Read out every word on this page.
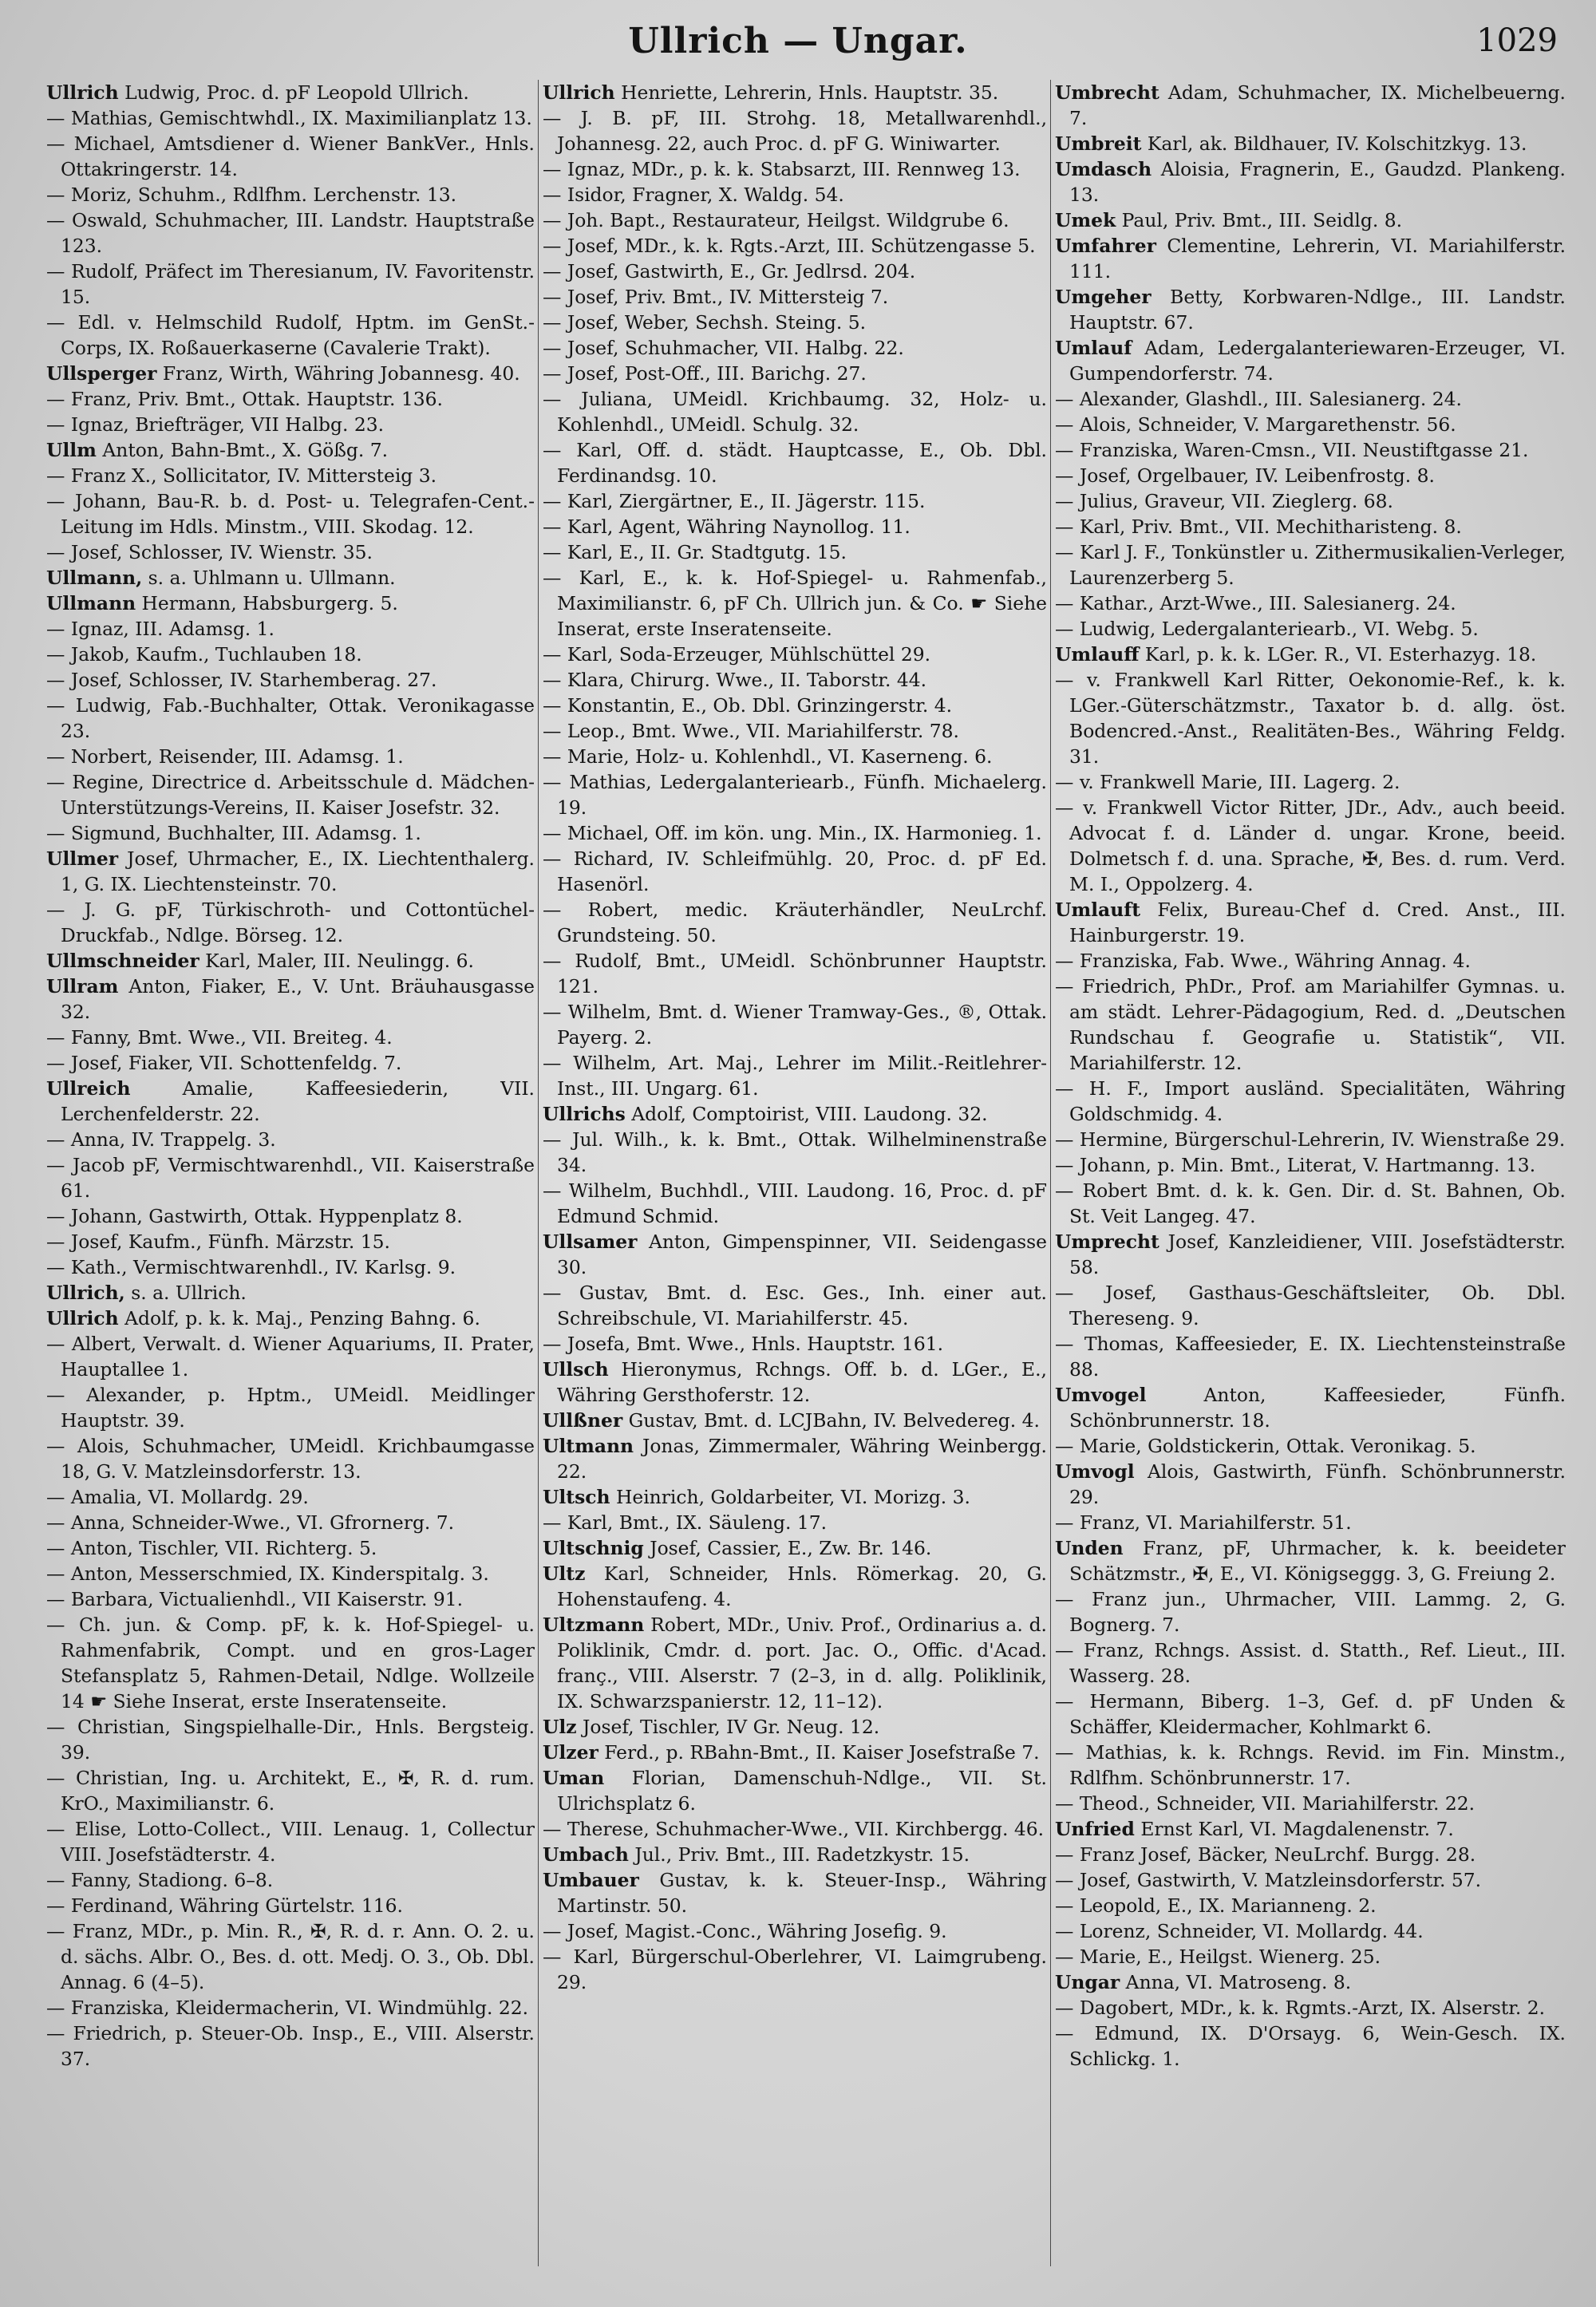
Ullrich — Ungar.	1029

Ullrich Ludwig, Proc. d. pF Leopold Ullrich.

— Mathias, Gemischtwhdl., IX. Maximilianplatz 13.

— Michael, Amtsdiener d. Wiener BankVer., Hnls. Ottakringerstr. 14.

— Moriz, Schuhm., Rdlfhm. Lerchenstr. 13.

— Oswald, Schuhmacher, III. Landstr. Hauptstraße 123.

— Rudolf, Präfect im Theresianum, IV. Favoritenstr. 15.

— Edl. v. Helmschild Rudolf, Hptm. im GenSt.-Corps, IX. Roßauerkaserne (Cavalerie Trakt).

Ullsperger Franz, Wirth, Währing Jobannesg. 40.

— Franz, Priv. Bmt., Ottak. Hauptstr. 136.

— Ignaz, Briefträger, VII Halbg. 23.

Ullm Anton, Bahn-Bmt., X. Gößg. 7.

— Franz X., Sollicitator, IV. Mittersteig 3.

— Johann, Bau-R. b. d. Post- u. Telegrafen-Cent.-Leitung im Hdls. Minstm., VIII. Skodag. 12.

— Josef, Schlosser, IV. Wienstr. 35.

Ullmann, s. a. Uhlmann u. Ullmann.

Ullmann Hermann, Habsburgerg. 5.

— Ignaz, III. Adamsg. 1.

— Jakob, Kaufm., Tuchlauben 18.

— Josef, Schlosser, IV. Starhemberag. 27.

— Ludwig, Fab.-Buchhalter, Ottak. Veronikagasse 23.

— Norbert, Reisender, III. Adamsg. 1.

— Regine, Directrice d. Arbeitsschule d. Mädchen-Unterstützungs-Vereins, II. Kaiser Josefstr. 32.

— Sigmund, Buchhalter, III. Adamsg. 1.

Ullmer Josef, Uhrmacher, E., IX. Liechtenthalerg. 1, G. IX. Liechtensteinstr. 70.

— J. G. pF, Türkischroth- und Cottontüchel-Druckfab., Ndlge. Börseg. 12.

Ullmschneider Karl, Maler, III. Neulingg. 6.

Ullram Anton, Fiaker, E., V. Unt. Bräuhausgasse 32.

— Fanny, Bmt. Wwe., VII. Breiteg. 4.

— Josef, Fiaker, VII. Schottenfeldg. 7.

Ullreich Amalie, Kaffeesiederin, VII. Lerchenfelderstr. 22.

— Anna, IV. Trappelg. 3.

— Jacob pF, Vermischtwarenhdl., VII. Kaiserstraße 61.

— Johann, Gastwirth, Ottak. Hyppenplatz 8.

— Josef, Kaufm., Fünfh. Märzstr. 15.

— Kath., Vermischtwarenhdl., IV. Karlsg. 9.

Ullrich, s. a. Ullrich.

Ullrich Adolf, p. k. k. Maj., Penzing Bahng. 6.

— Albert, Verwalt. d. Wiener Aquariums, II. Prater, Hauptallee 1.

— Alexander, p. Hptm., UMeidl. Meidlinger Hauptstr. 39.

— Alois, Schuhmacher, UMeidl. Krichbaumgasse 18, G. V. Matzleinsdorferstr. 13.

— Amalia, VI. Mollardg. 29.

— Anna, Schneider-Wwe., VI. Gfrornerg. 7.

— Anton, Tischler, VII. Richterg. 5.

— Anton, Messerschmied, IX. Kinderspitalg. 3.

— Barbara, Victualienhdl., VII Kaiserstr. 91.

— Ch. jun. & Comp. pF, k. k. Hof-Spiegel- u. Rahmenfabrik, Compt. und en gros-Lager Stefansplatz 5, Rahmen-Detail, Ndlge. Wollzeile 14 ☛ Siehe Inserat, erste Inseratenseite.

— Christian, Singspielhalle-Dir., Hnls. Bergsteig. 39.

— Christian, Ing. u. Architekt, E., ✠, R. d. rum. KrO., Maximilianstr. 6.

— Elise, Lotto-Collect., VIII. Lenaug. 1, Collectur VIII. Josefstädterstr. 4.

— Fanny, Stadiong. 6–8.

— Ferdinand, Währing Gürtelstr. 116.

— Franz, MDr., p. Min. R., ✠, R. d. r. Ann. O. 2. u. d. sächs. Albr. O., Bes. d. ott. Medj. O. 3., Ob. Dbl. Annag. 6 (4–5).

— Franziska, Kleidermacherin, VI. Windmühlg. 22.

— Friedrich, p. Steuer-Ob. Insp., E., VIII. Alserstr. 37.

Ullrich Henriette, Lehrerin, Hnls. Hauptstr. 35.

— J. B. pF, III. Strohg. 18, Metallwarenhdl., Johannesg. 22, auch Proc. d. pF G. Winiwarter.

— Ignaz, MDr., p. k. k. Stabsarzt, III. Rennweg 13.

— Isidor, Fragner, X. Waldg. 54.

— Joh. Bapt., Restaurateur, Heilgst. Wildgrube 6.

— Josef, MDr., k. k. Rgts.-Arzt, III. Schützengasse 5.

— Josef, Gastwirth, E., Gr. Jedlrsd. 204.

— Josef, Priv. Bmt., IV. Mittersteig 7.

— Josef, Weber, Sechsh. Steing. 5.

— Josef, Schuhmacher, VII. Halbg. 22.

— Josef, Post-Off., III. Barichg. 27.

— Juliana, UMeidl. Krichbaumg. 32, Holz- u. Kohlenhdl., UMeidl. Schulg. 32.

— Karl, Off. d. städt. Hauptcasse, E., Ob. Dbl. Ferdinandsg. 10.

— Karl, Ziergärtner, E., II. Jägerstr. 115.

— Karl, Agent, Währing Naynollog. 11.

— Karl, E., II. Gr. Stadtgutg. 15.

— Karl, E., k. k. Hof-Spiegel- u. Rahmenfab., Maximilianstr. 6, pF Ch. Ullrich jun. & Co. ☛ Siehe Inserat, erste Inseratenseite.

— Karl, Soda-Erzeuger, Mühlschüttel 29.

— Klara, Chirurg. Wwe., II. Taborstr. 44.

— Konstantin, E., Ob. Dbl. Grinzingerstr. 4.

— Leop., Bmt. Wwe., VII. Mariahilferstr. 78.

— Marie, Holz- u. Kohlenhdl., VI. Kaserneng. 6.

— Mathias, Ledergalanteriearb., Fünfh. Michaelerg. 19.

— Michael, Off. im kön. ung. Min., IX. Harmonieg. 1.

— Richard, IV. Schleifmühlg. 20, Proc. d. pF Ed. Hasenörl.

— Robert, medic. Kräuterhändler, NeuLrchf. Grundsteing. 50.

— Rudolf, Bmt., UMeidl. Schönbrunner Hauptstr. 121.

— Wilhelm, Bmt. d. Wiener Tramway-Ges., ®, Ottak. Payerg. 2.

— Wilhelm, Art. Maj., Lehrer im Milit.-Reitlehrer-Inst., III. Ungarg. 61.

Ullrichs Adolf, Comptoirist, VIII. Laudong. 32.

— Jul. Wilh., k. k. Bmt., Ottak. Wilhelminenstraße 34.

— Wilhelm, Buchhdl., VIII. Laudong. 16, Proc. d. pF Edmund Schmid.

Ullsamer Anton, Gimpenspinner, VII. Seidengasse 30.

— Gustav, Bmt. d. Esc. Ges., Inh. einer aut. Schreibschule, VI. Mariahilferstr. 45.

— Josefa, Bmt. Wwe., Hnls. Hauptstr. 161.

Ullsch Hieronymus, Rchngs. Off. b. d. LGer., E., Währing Gersthoferstr. 12.

Ullßner Gustav, Bmt. d. LCJBahn, IV. Belvedereg. 4.

Ultmann Jonas, Zimmermaler, Währing Weinbergg. 22.

Ultsch Heinrich, Goldarbeiter, VI. Morizg. 3.

— Karl, Bmt., IX. Säuleng. 17.

Ultschnig Josef, Cassier, E., Zw. Br. 146.

Ultz Karl, Schneider, Hnls. Römerkag. 20, G. Hohenstaufeng. 4.

Ultzmann Robert, MDr., Univ. Prof., Ordinarius a. d. Poliklinik, Cmdr. d. port. Jac. O., Offic. d'Acad. franç., VIII. Alserstr. 7 (2–3, in d. allg. Poliklinik, IX. Schwarzspanierstr. 12, 11–12).

Ulz Josef, Tischler, IV Gr. Neug. 12.

Ulzer Ferd., p. RBahn-Bmt., II. Kaiser Josefstraße 7.

Uman Florian, Damenschuh-Ndlge., VII. St. Ulrichsplatz 6.

— Therese, Schuhmacher-Wwe., VII. Kirchbergg. 46.

Umbach Jul., Priv. Bmt., III. Radetzkystr. 15.

Umbauer Gustav, k. k. Steuer-Insp., Währing Martinstr. 50.

— Josef, Magist.-Conc., Währing Josefig. 9.

— Karl, Bürgerschul-Oberlehrer, VI. Laimgrubeng. 29.

Umbrecht Adam, Schuhmacher, IX. Michelbeuerng. 7.

Umbreit Karl, ak. Bildhauer, IV. Kolschitzkyg. 13.

Umdasch Aloisia, Fragnerin, E., Gaudzd. Plankeng. 13.

Umek Paul, Priv. Bmt., III. Seidlg. 8.

Umfahrer Clementine, Lehrerin, VI. Mariahilferstr. 111.

Umgeher Betty, Korbwaren-Ndlge., III. Landstr. Hauptstr. 67.

Umlauf Adam, Ledergalanteriewaren-Erzeuger, VI. Gumpendorferstr. 74.

— Alexander, Glashdl., III. Salesianerg. 24.

— Alois, Schneider, V. Margarethenstr. 56.

— Franziska, Waren-Cmsn., VII. Neustiftgasse 21.

— Josef, Orgelbauer, IV. Leibenfrostg. 8.

— Julius, Graveur, VII. Zieglerg. 68.

— Karl, Priv. Bmt., VII. Mechitharisteng. 8.

— Karl J. F., Tonkünstler u. Zithermusikalien-Verleger, Laurenzerberg 5.

— Kathar., Arzt-Wwe., III. Salesianerg. 24.

— Ludwig, Ledergalanteriearb., VI. Webg. 5.

Umlauff Karl, p. k. k. LGer. R., VI. Esterhazyg. 18.

— v. Frankwell Karl Ritter, Oekonomie-Ref., k. k. LGer.-Güterschätzmstr., Taxator b. d. allg. öst. Bodencred.-Anst., Realitäten-Bes., Währing Feldg. 31.

— v. Frankwell Marie, III. Lagerg. 2.

— v. Frankwell Victor Ritter, JDr., Adv., auch beeid. Advocat f. d. Länder d. ungar. Krone, beeid. Dolmetsch f. d. una. Sprache, ✠, Bes. d. rum. Verd. M. I., Oppolzerg. 4.

Umlauft Felix, Bureau-Chef d. Cred. Anst., III. Hainburgerstr. 19.

— Franziska, Fab. Wwe., Währing Annag. 4.

— Friedrich, PhDr., Prof. am Mariahilfer Gymnas. u. am städt. Lehrer-Pädagogium, Red. d. „Deutschen Rundschau f. Geografie u. Statistik“, VII. Mariahilferstr. 12.

— H. F., Import ausländ. Specialitäten, Währing Goldschmidg. 4.

— Hermine, Bürgerschul-Lehrerin, IV. Wienstraße 29.

— Johann, p. Min. Bmt., Literat, V. Hartmanng. 13.

— Robert Bmt. d. k. k. Gen. Dir. d. St. Bahnen, Ob. St. Veit Langeg. 47.

Umprecht Josef, Kanzleidiener, VIII. Josefstädterstr. 58.

— Josef, Gasthaus-Geschäftsleiter, Ob. Dbl. Thereseng. 9.

— Thomas, Kaffeesieder, E. IX. Liechtensteinstraße 88.

Umvogel Anton, Kaffeesieder, Fünfh. Schönbrunnerstr. 18.

— Marie, Goldstickerin, Ottak. Veronikag. 5.

Umvogl Alois, Gastwirth, Fünfh. Schönbrunnerstr. 29.

— Franz, VI. Mariahilferstr. 51.

Unden Franz, pF, Uhrmacher, k. k. beeideter Schätzmstr., ✠, E., VI. Königseggg. 3, G. Freiung 2.

— Franz jun., Uhrmacher, VIII. Lammg. 2, G. Bognerg. 7.

— Franz, Rchngs. Assist. d. Statth., Ref. Lieut., III. Wasserg. 28.

— Hermann, Biberg. 1–3, Gef. d. pF Unden & Schäffer, Kleidermacher, Kohlmarkt 6.

— Mathias, k. k. Rchngs. Revid. im Fin. Minstm., Rdlfhm. Schönbrunnerstr. 17.

— Theod., Schneider, VII. Mariahilferstr. 22.

Unfried Ernst Karl, VI. Magdalenenstr. 7.

— Franz Josef, Bäcker, NeuLrchf. Burgg. 28.

— Josef, Gastwirth, V. Matzleinsdorferstr. 57.

— Leopold, E., IX. Marianneng. 2.

— Lorenz, Schneider, VI. Mollardg. 44.

— Marie, E., Heilgst. Wienerg. 25.

Ungar Anna, VI. Matroseng. 8.

— Dagobert, MDr., k. k. Rgmts.-Arzt, IX. Alserstr. 2.

— Edmund, IX. D'Orsayg. 6, Wein-Gesch. IX. Schlickg. 1.
